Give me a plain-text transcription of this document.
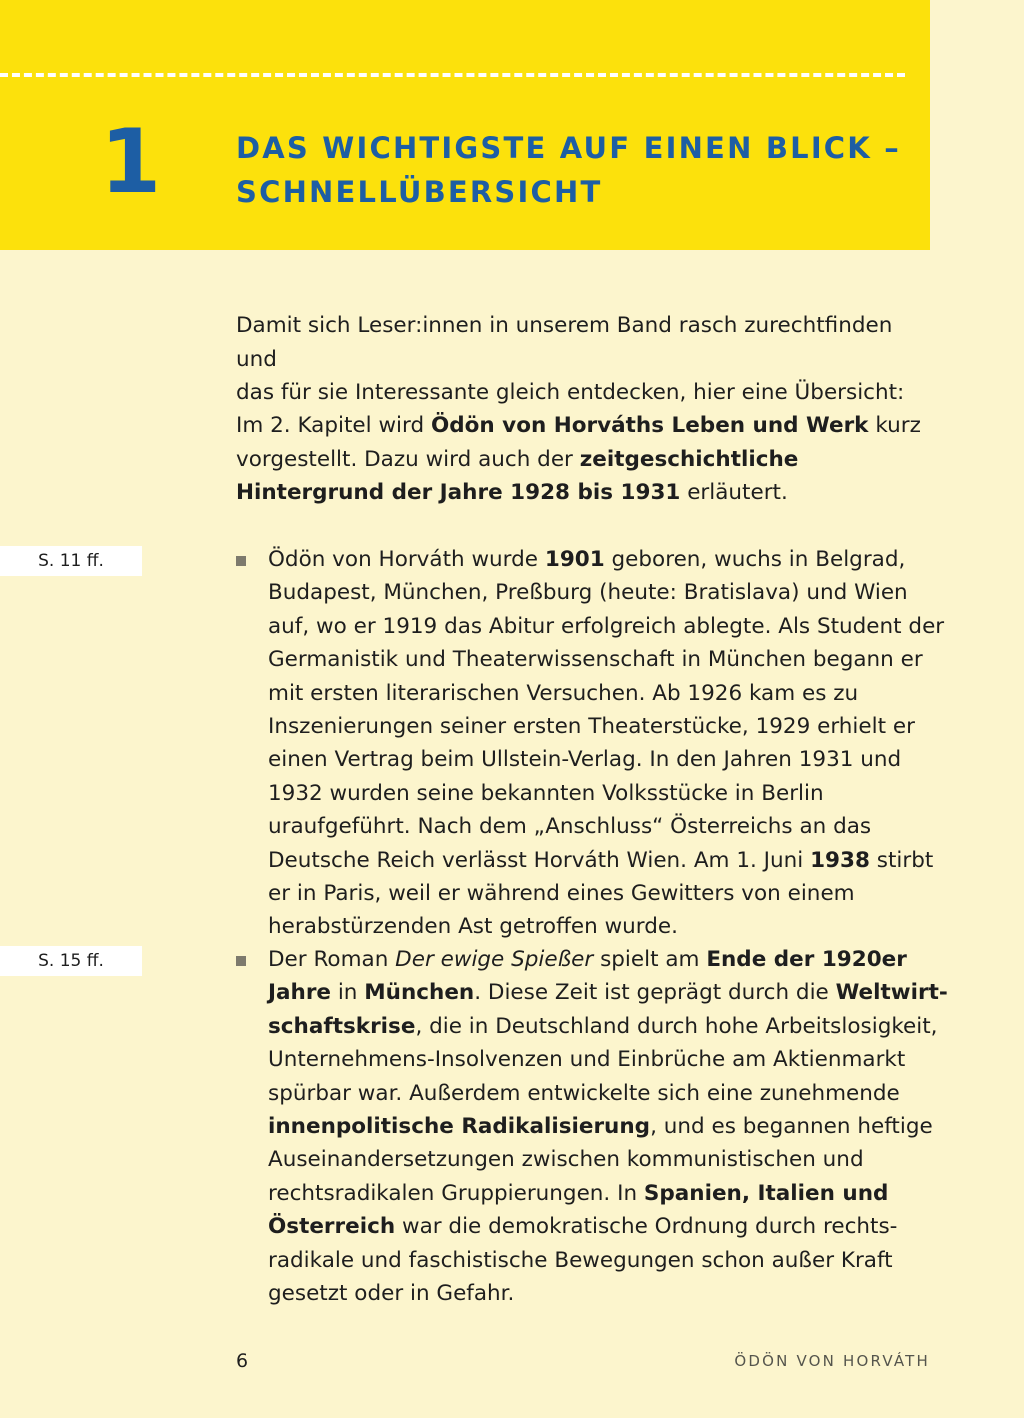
1	DAS WICHTIGSTE AUF EINEN BLICK –
SCHNELLÜBERSICHT
Damit sich Leser:innen in unserem Band rasch zurechtfinden und
das für sie Interessante gleich entdecken, hier eine Übersicht:

Im 2. Kapitel wird Ödön von Horváths Leben und Werk kurz vorgestellt. Dazu wird auch der zeitgeschichtliche Hintergrund der Jahre 1928 bis 1931 erläutert.

S. 11 ff.	Ödön von Horváth wurde 1901 geboren, wuchs in Belgrad, Budapest, München, Preßburg (heute: Bratislava) und Wien auf, wo er 1919 das Abitur erfolgreich ablegte. Als Student der Germanistik und Theaterwissenschaft in München begann er mit ersten literarischen Versuchen. Ab 1926 kam es zu Inszenierungen seiner ersten Theaterstücke, 1929 erhielt er einen Vertrag beim Ullstein-Verlag. In den Jahren 1931 und 1932 wurden seine bekannten Volksstücke in Berlin uraufgeführt. Nach dem „Anschluss“ Österreichs an das Deutsche Reich verlässt Horváth Wien. Am 1. Juni 1938 stirbt er in Paris, weil er während eines Gewitters von einem herabstürzenden Ast getroffen wurde.

S. 15 ff.	Der Roman Der ewige Spießer spielt am Ende der 1920er Jahre in München. Diese Zeit ist geprägt durch die Weltwirtschaftskrise, die in Deutschland durch hohe Arbeitslosigkeit, Unternehmens-Insolvenzen und Einbrüche am Aktienmarkt spürbar war. Außerdem entwickelte sich eine zunehmende innenpolitische Radikalisierung, und es begannen heftige Auseinandersetzungen zwischen kommunistischen und rechtsradikalen Gruppierungen. In Spanien, Italien und Österreich war die demokratische Ordnung durch rechtsradikale und faschistische Bewegungen schon außer Kraft gesetzt oder in Gefahr.

6	ÖDÖN VON HORVÁTH
